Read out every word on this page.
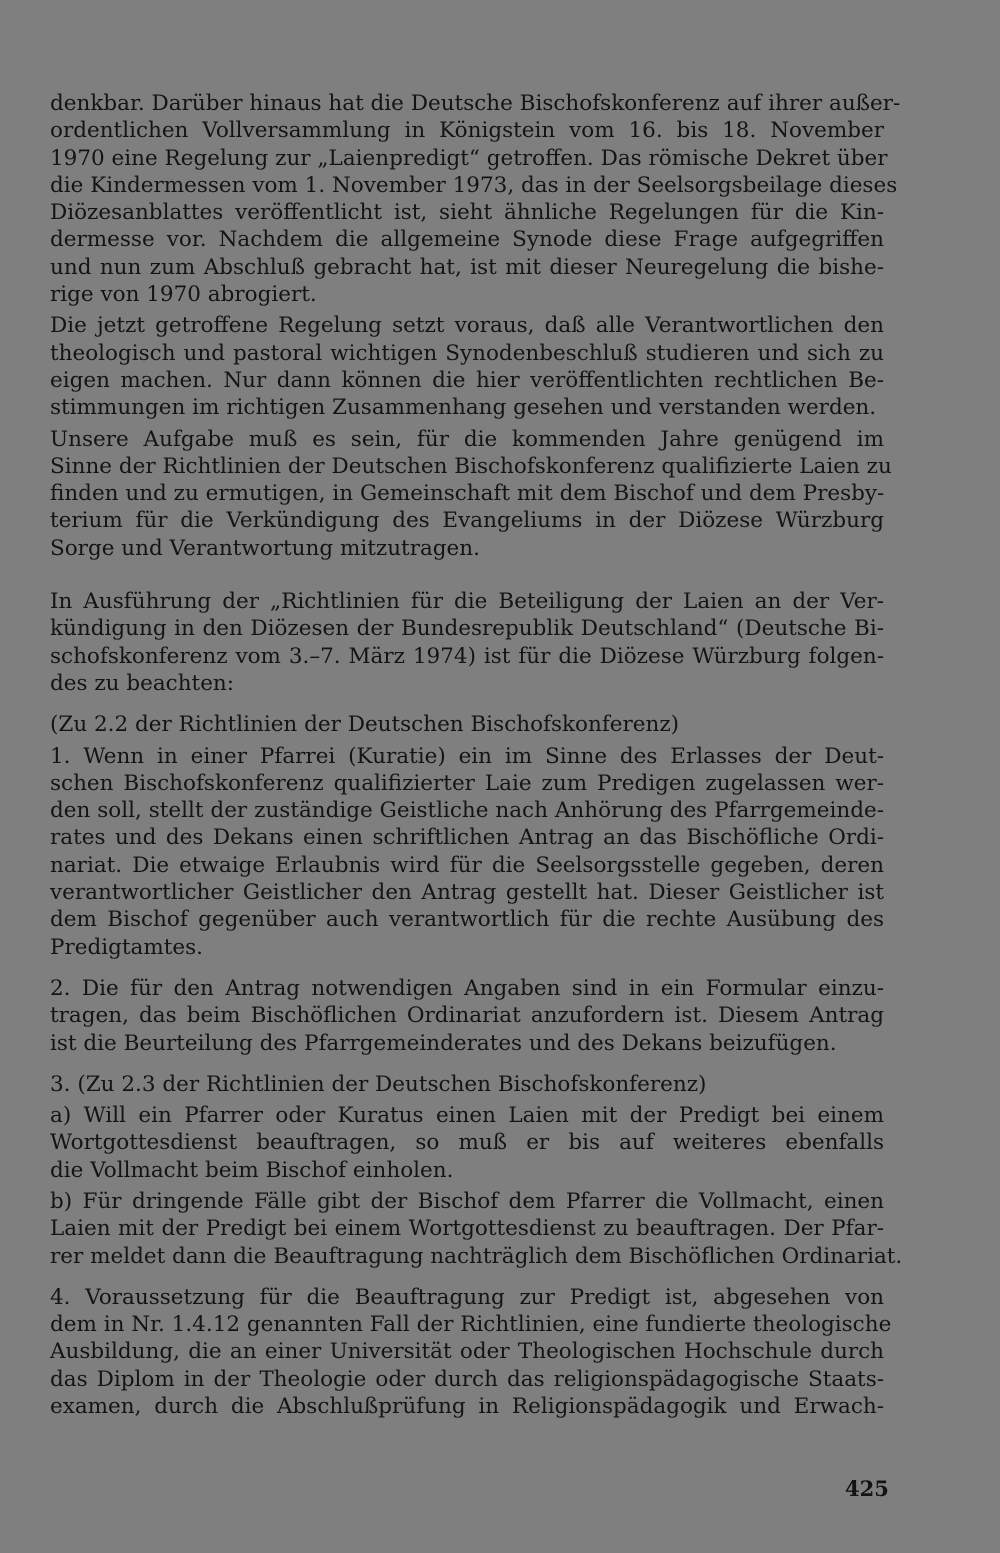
denkbar. Darüber hinaus hat die Deutsche Bischofskonferenz auf ihrer außer-
ordentlichen Vollversammlung in Königstein vom 16. bis 18. November
1970 eine Regelung zur „Laienpredigt“ getroffen. Das römische Dekret über
die Kindermessen vom 1. November 1973, das in der Seelsorgsbeilage dieses
Diözesanblattes veröffentlicht ist, sieht ähnliche Regelungen für die Kin-
dermesse vor. Nachdem die allgemeine Synode diese Frage aufgegriffen
und nun zum Abschluß gebracht hat, ist mit dieser Neuregelung die bishe-
rige von 1970 abrogiert.

Die jetzt getroffene Regelung setzt voraus, daß alle Verantwortlichen den
theologisch und pastoral wichtigen Synodenbeschluß studieren und sich zu
eigen machen. Nur dann können die hier veröffentlichten rechtlichen Be-
stimmungen im richtigen Zusammenhang gesehen und verstanden werden.

Unsere Aufgabe muß es sein, für die kommenden Jahre genügend im
Sinne der Richtlinien der Deutschen Bischofskonferenz qualifizierte Laien zu
finden und zu ermutigen, in Gemeinschaft mit dem Bischof und dem Presby-
terium für die Verkündigung des Evangeliums in der Diözese Würzburg
Sorge und Verantwortung mitzutragen.

In Ausführung der „Richtlinien für die Beteiligung der Laien an der Ver-
kündigung in den Diözesen der Bundesrepublik Deutschland“ (Deutsche Bi-
schofskonferenz vom 3.–7. März 1974) ist für die Diözese Würzburg folgen-
des zu beachten:

(Zu 2.2 der Richtlinien der Deutschen Bischofskonferenz)

1. Wenn in einer Pfarrei (Kuratie) ein im Sinne des Erlasses der Deut-
schen Bischofskonferenz qualifizierter Laie zum Predigen zugelassen wer-
den soll, stellt der zuständige Geistliche nach Anhörung des Pfarrgemeinde-
rates und des Dekans einen schriftlichen Antrag an das Bischöfliche Ordi-
nariat. Die etwaige Erlaubnis wird für die Seelsorgsstelle gegeben, deren
verantwortlicher Geistlicher den Antrag gestellt hat. Dieser Geistlicher ist
dem Bischof gegenüber auch verantwortlich für die rechte Ausübung des
Predigtamtes.

2. Die für den Antrag notwendigen Angaben sind in ein Formular einzu-
tragen, das beim Bischöflichen Ordinariat anzufordern ist. Diesem Antrag
ist die Beurteilung des Pfarrgemeinderates und des Dekans beizufügen.

3. (Zu 2.3 der Richtlinien der Deutschen Bischofskonferenz)

a) Will ein Pfarrer oder Kuratus einen Laien mit der Predigt bei einem
Wortgottesdienst beauftragen, so muß er bis auf weiteres ebenfalls
die Vollmacht beim Bischof einholen.

b) Für dringende Fälle gibt der Bischof dem Pfarrer die Vollmacht, einen
Laien mit der Predigt bei einem Wortgottesdienst zu beauftragen. Der Pfar-
rer meldet dann die Beauftragung nachträglich dem Bischöflichen Ordinariat.

4. Voraussetzung für die Beauftragung zur Predigt ist, abgesehen von
dem in Nr. 1.4.12 genannten Fall der Richtlinien, eine fundierte theologische
Ausbildung, die an einer Universität oder Theologischen Hochschule durch
das Diplom in der Theologie oder durch das religionspädagogische Staats-
examen, durch die Abschlußprüfung in Religionspädagogik und Erwach-

425
